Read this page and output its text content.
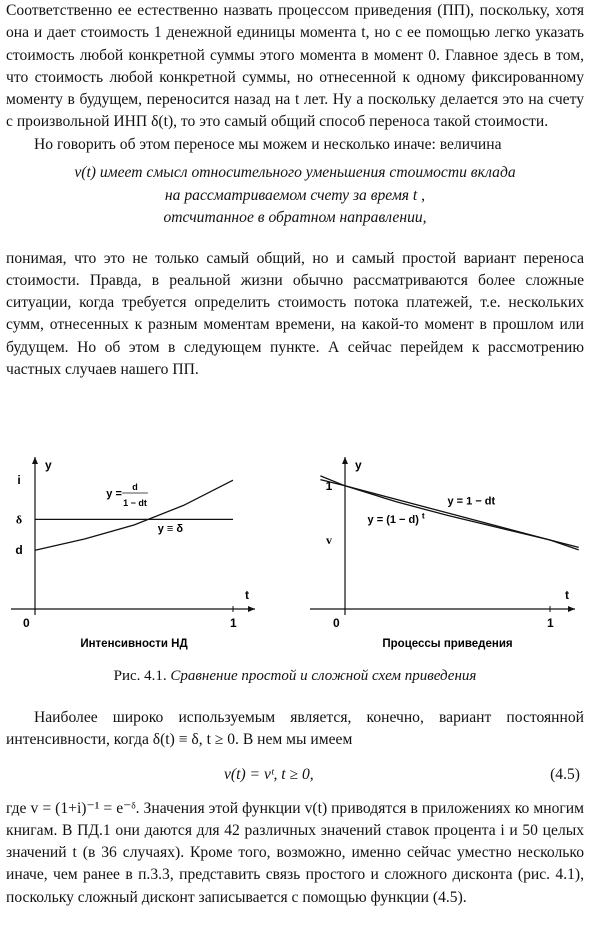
Соответственно ее естественно назвать процессом приведения (ПП), поскольку, хотя она и дает стоимость 1 денежной единицы момента t, но с ее помощью легко указать стоимость любой конкретной суммы этого момента в момент 0. Главное здесь в том, что стоимость любой конкретной суммы, но отнесенной к одному фиксированному моменту в будущем, переносится назад на t лет. Ну а поскольку делается это на счету с произвольной ИНП δ(t), то это самый общий способ переноса такой стоимости.

Но говорить об этом переносе мы можем и несколько иначе: величина

v(t) имеет смысл относительного уменьшения стоимости вклада
на рассматриваемом счету за время t ,
отсчитанное в обратном направлении,

понимая, что это не только самый общий, но и самый простой вариант переноса стоимости. Правда, в реальной жизни обычно рассматриваются более сложные ситуации, когда требуется определить стоимость потока платежей, т.е. нескольких сумм, отнесенных к разным моментам времени, на какой-то момент в прошлом или будущем. Но об этом в следующем пункте. А сейчас перейдем к рассмотрению частных случаев нашего ПП.

y
t
0	1
Интенсивности НД
i
δ
d
y =
d
1 − dt
y ≡ δ
y
t
0	1
Процессы приведения
1
v
y = 1 − dt
y = (1 − d) t
Рис. 4.1. Сравнение простой и сложной схем приведения

Наиболее широко используемым является, конечно, вариант постоянной интенсивности, когда δ(t) ≡ δ, t ≥ 0. В нем мы имеем

v(t) = vᵗ, t ≥ 0,	(4.5)

где v = (1+i)⁻¹ = e⁻ᵟ. Значения этой функции v(t) приводятся в приложениях ко многим книгам. В ПД.1 они даются для 42 различных значений ставок процента i и 50 целых значений t (в 36 случаях). Кроме того, возможно, именно сейчас уместно несколько иначе, чем ранее в п.3.3, представить связь простого и сложного дисконта (рис. 4.1), поскольку сложный дисконт записывается с помощью функции (4.5).
